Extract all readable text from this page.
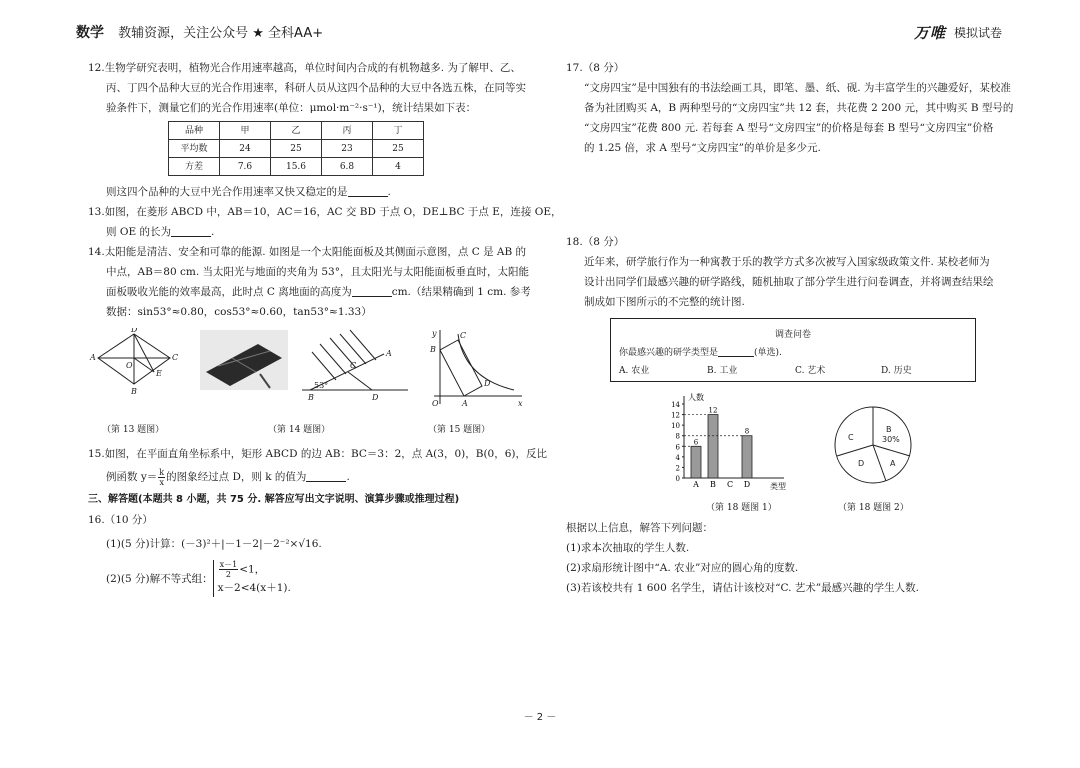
数学 教辅资源，关注公众号 ★ 全科AA+	万唯 模拟试卷

12.生物学研究表明，植物光合作用速率越高，单位时间内合成的有机物越多. 为了解甲、乙、

丙、丁四个品种大豆的光合作用速率，科研人员从这四个品种的大豆中各选五株，在同等实

验条件下，测量它们的光合作用速率(单位：μmol·m⁻²·s⁻¹)，统计结果如下表：

品种	甲	乙	丙	丁
平均数	24	25	23	25
方差	7.6	15.6	6.8	4

则这四个品种的大豆中光合作用速率又快又稳定的是	.

13.如图，在菱形 ABCD 中，AB＝10，AC＝16，AC 交 BD 于点 O，DE⊥BC 于点 E，连接 OE，

则 OE 的长为	.

14.太阳能是清洁、安全和可靠的能源. 如图是一个太阳能面板及其侧面示意图，点 C 是 AB 的

中点，AB＝80 cm. 当太阳光与地面的夹角为 53°，且太阳光与太阳能面板垂直时，太阳能

面板吸收光能的效率最高，此时点 C 离地面的高度为	cm.（结果精确到 1 cm. 参考

数据：sin53°≈0.80，cos53°≈0.60，tan53°≈1.33）

A
B
C
D
O
E
A
B
C
D
53°
y
x
B
C
O	A
D
（第 13 题图）	（第 14 题图）	（第 15 题图）

15.如图，在平面直角坐标系中，矩形 ABCD 的边 AB：BC＝3：2，点 A(3，0)，B(0，6)，反比

例函数 $y= \frac{k}{x}$ 的图象经过点 D，则 k 的值为	.

三、解答题(本题共 8 小题，共 75 分. 解答应写出文字说明、演算步骤或推理过程)

16.（10 分）

(1)(5 分)计算：(－3)²＋|－1－2|－2⁻²×√16.

(2)(5 分)解不等式组： $\frac{x-1}{2} <1$，
x－2<4(x＋1).

17.（8 分）

“文房四宝”是中国独有的书法绘画工具，即笔、墨、纸、砚. 为丰富学生的兴趣爱好，某校准

备为社团购买 A，B 两种型号的“文房四宝”共 12 套，共花费 2 200 元，其中购买 B 型号的

“文房四宝”花费 800 元. 若每套 A 型号“文房四宝”的价格是每套 B 型号“文房四宝”价格

的 1.25 倍，求 A 型号“文房四宝”的单价是多少元.

18.（8 分）

近年来，研学旅行作为一种寓教于乐的教学方式多次被写入国家级政策文件. 某校老师为

设计出同学们最感兴趣的研学路线，随机抽取了部分学生进行问卷调查，并将调查结果绘

制成如下图所示的不完整的统计图.

调查问卷
你最感兴趣的研学类型是	(单选).
A. 农业	B. 工业	C. 艺术	D. 历史
人数
类型
0
2
4
6
8
10
12
14
A
6
B
12
C D
8	B
30%
C
D	A
（第 18 题图 1）	（第 18 题图 2）

根据以上信息，解答下列问题：

(1)求本次抽取的学生人数.

(2)求扇形统计图中“A. 农业”对应的圆心角的度数.

(3)若该校共有 1 600 名学生，请估计该校对“C. 艺术”最感兴趣的学生人数.

－ 2 －
